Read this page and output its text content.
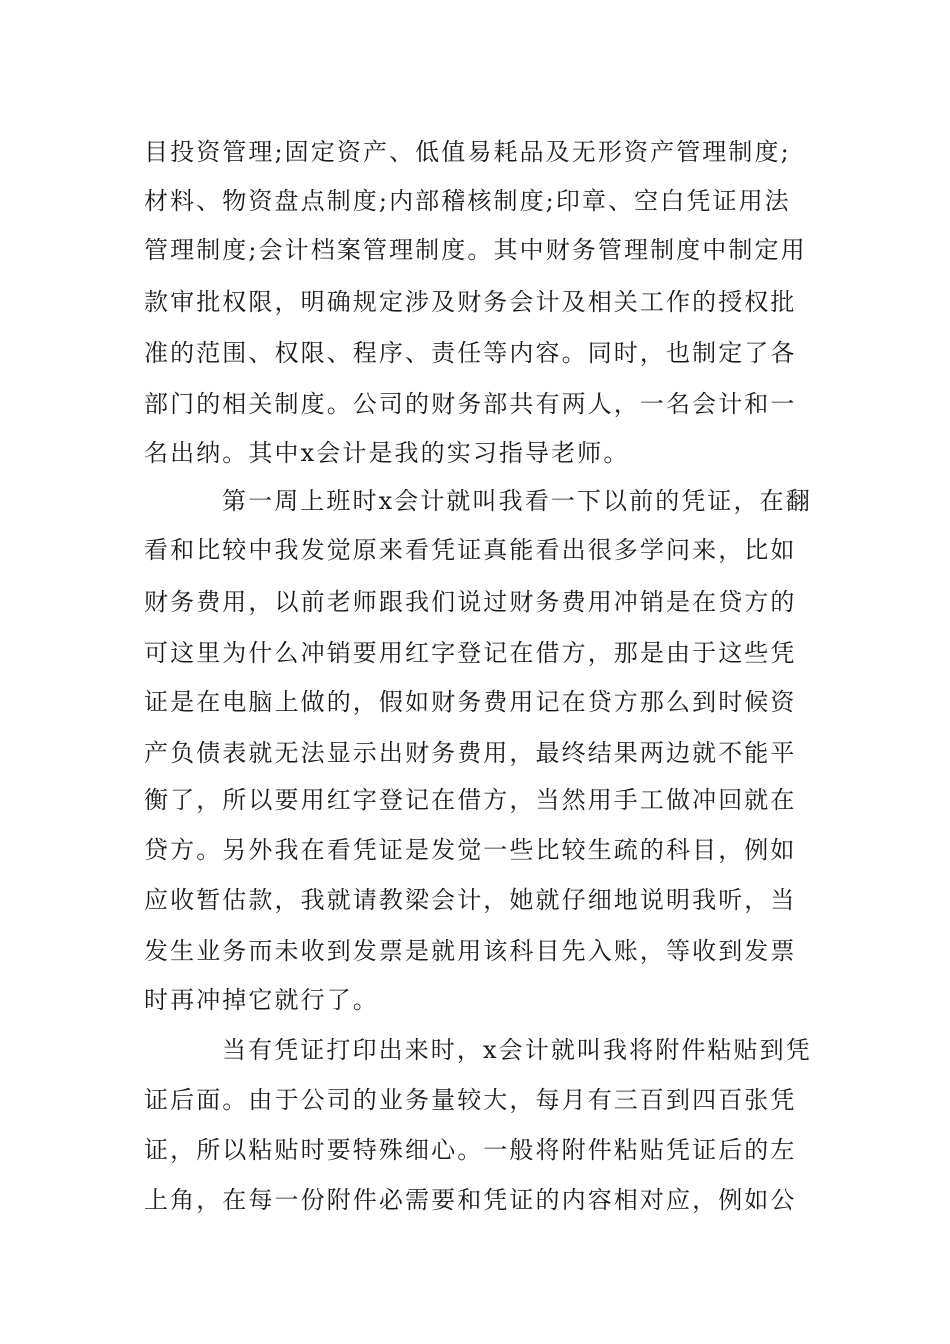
目投资管理;固定资产、低值易耗品及无形资产管理制度;
材料、物资盘点制度;内部稽核制度;印章、空白凭证用法
管理制度;会计档案管理制度。其中财务管理制度中制定用
款审批权限，明确规定涉及财务会计及相关工作的授权批
准的范围、权限、程序、责任等内容。同时，也制定了各
部门的相关制度。公司的财务部共有两人，一名会计和一
名出纳。其中x会计是我的实习指导老师。
第一周上班时x会计就叫我看一下以前的凭证，在翻
看和比较中我发觉原来看凭证真能看出很多学问来，比如
财务费用，以前老师跟我们说过财务费用冲销是在贷方的
可这里为什么冲销要用红字登记在借方，那是由于这些凭
证是在电脑上做的，假如财务费用记在贷方那么到时候资
产负债表就无法显示出财务费用，最终结果两边就不能平
衡了，所以要用红字登记在借方，当然用手工做冲回就在
贷方。另外我在看凭证是发觉一些比较生疏的科目，例如
应收暂估款，我就请教梁会计，她就仔细地说明我听，当
发生业务而未收到发票是就用该科目先入账，等收到发票
时再冲掉它就行了。
当有凭证打印出来时，x会计就叫我将附件粘贴到凭
证后面。由于公司的业务量较大，每月有三百到四百张凭
证，所以粘贴时要特殊细心。一般将附件粘贴凭证后的左
上角，在每一份附件必需要和凭证的内容相对应，例如公
